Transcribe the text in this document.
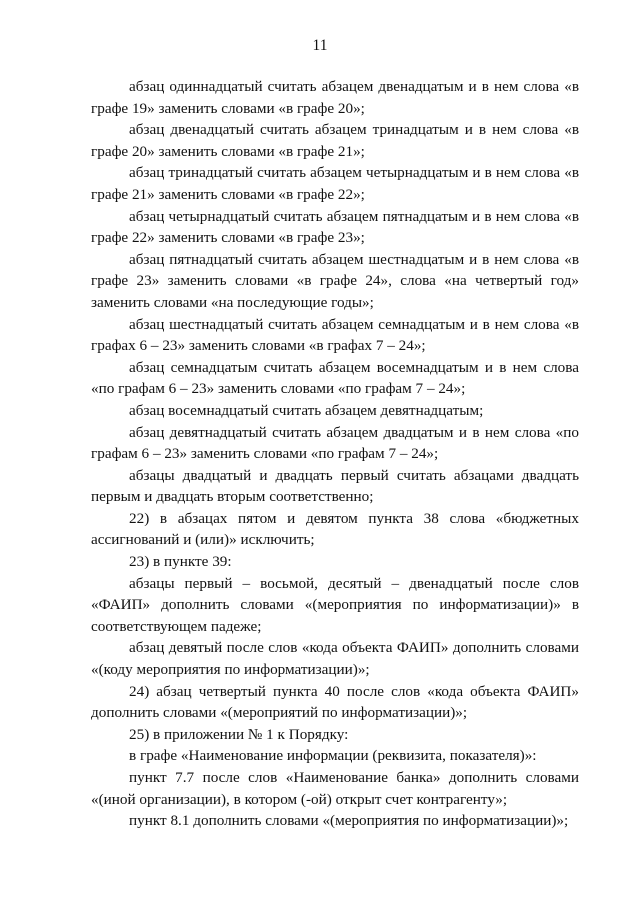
11

абзац одиннадцатый считать абзацем двенадцатым и в нем слова «в графе 19» заменить словами «в графе 20»;

абзац двенадцатый считать абзацем тринадцатым и в нем слова «в графе 20» заменить словами «в графе 21»;

абзац тринадцатый считать абзацем четырнадцатым и в нем слова «в графе 21» заменить словами «в графе 22»;

абзац четырнадцатый считать абзацем пятнадцатым и в нем слова «в графе 22» заменить словами «в графе 23»;

абзац пятнадцатый считать абзацем шестнадцатым и в нем слова «в графе 23» заменить словами «в графе 24», слова «на четвертый год» заменить словами «на последующие годы»;

абзац шестнадцатый считать абзацем семнадцатым и в нем слова «в графах 6 – 23» заменить словами «в графах 7 – 24»;

абзац семнадцатым считать абзацем восемнадцатым и в нем слова «по графам 6 – 23» заменить словами «по графам 7 – 24»;

абзац восемнадцатый считать абзацем девятнадцатым;

абзац девятнадцатый считать абзацем двадцатым и в нем слова «по графам 6 – 23» заменить словами «по графам 7 – 24»;

абзацы двадцатый и двадцать первый считать абзацами двадцать первым и двадцать вторым соответственно;

22) в абзацах пятом и девятом пункта 38 слова «бюджетных ассигнований и (или)» исключить;

23) в пункте 39:

абзацы первый – восьмой, десятый – двенадцатый после слов «ФАИП» дополнить словами «(мероприятия по информатизации)» в соответствующем падеже;

абзац девятый после слов «кода объекта ФАИП» дополнить словами «(коду мероприятия по информатизации)»;

24) абзац четвертый пункта 40 после слов «кода объекта ФАИП» дополнить словами «(мероприятий по информатизации)»;

25) в приложении № 1 к Порядку:

в графе «Наименование информации (реквизита, показателя)»:

пункт 7.7 после слов «Наименование банка» дополнить словами «(иной организации), в котором (-ой) открыт счет контрагенту»;

пункт 8.1 дополнить словами «(мероприятия по информатизации)»;
